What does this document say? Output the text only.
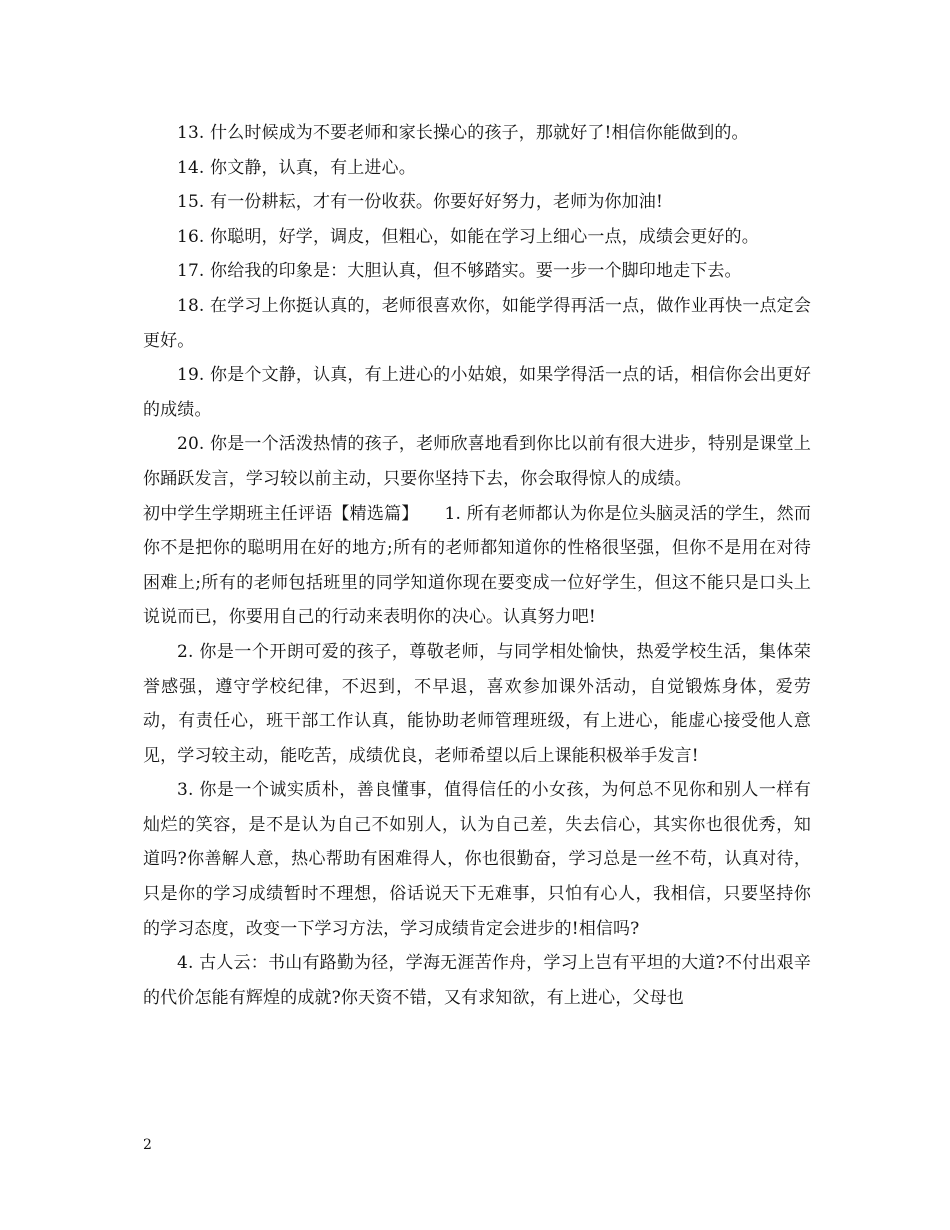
13. 什么时候成为不要老师和家长操心的孩子，那就好了!相信你能做到的。

14. 你文静，认真，有上进心。

15. 有一份耕耘，才有一份收获。你要好好努力，老师为你加油!

16. 你聪明，好学，调皮，但粗心，如能在学习上细心一点，成绩会更好的。

17. 你给我的印象是：大胆认真，但不够踏实。要一步一个脚印地走下去。

18. 在学习上你挺认真的，老师很喜欢你，如能学得再活一点，做作业再快一点定会更好。

19. 你是个文静，认真，有上进心的小姑娘，如果学得活一点的话，相信你会出更好的成绩。

20. 你是一个活泼热情的孩子，老师欣喜地看到你比以前有很大进步，特别是课堂上你踊跃发言，学习较以前主动，只要你坚持下去，你会取得惊人的成绩。

初中学生学期班主任评语【精选篇】　　1. 所有老师都认为你是位头脑灵活的学生，然而你不是把你的聪明用在好的地方;所有的老师都知道你的性格很坚强，但你不是用在对待困难上;所有的老师包括班里的同学知道你现在要变成一位好学生，但这不能只是口头上说说而已，你要用自己的行动来表明你的决心。认真努力吧!

2. 你是一个开朗可爱的孩子，尊敬老师，与同学相处愉快，热爱学校生活，集体荣誉感强，遵守学校纪律，不迟到，不早退，喜欢参加课外活动，自觉锻炼身体，爱劳动，有责任心，班干部工作认真，能协助老师管理班级，有上进心，能虚心接受他人意见，学习较主动，能吃苦，成绩优良，老师希望以后上课能积极举手发言!

3. 你是一个诚实质朴，善良懂事，值得信任的小女孩，为何总不见你和别人一样有灿烂的笑容，是不是认为自己不如别人，认为自己差，失去信心，其实你也很优秀，知道吗?你善解人意，热心帮助有困难得人，你也很勤奋，学习总是一丝不苟，认真对待，只是你的学习成绩暂时不理想，俗话说天下无难事，只怕有心人，我相信，只要坚持你的学习态度，改变一下学习方法，学习成绩肯定会进步的!相信吗?

4. 古人云：书山有路勤为径，学海无涯苦作舟，学习上岂有平坦的大道?不付出艰辛的代价怎能有辉煌的成就?你天资不错，又有求知欲，有上进心，父母也

2
